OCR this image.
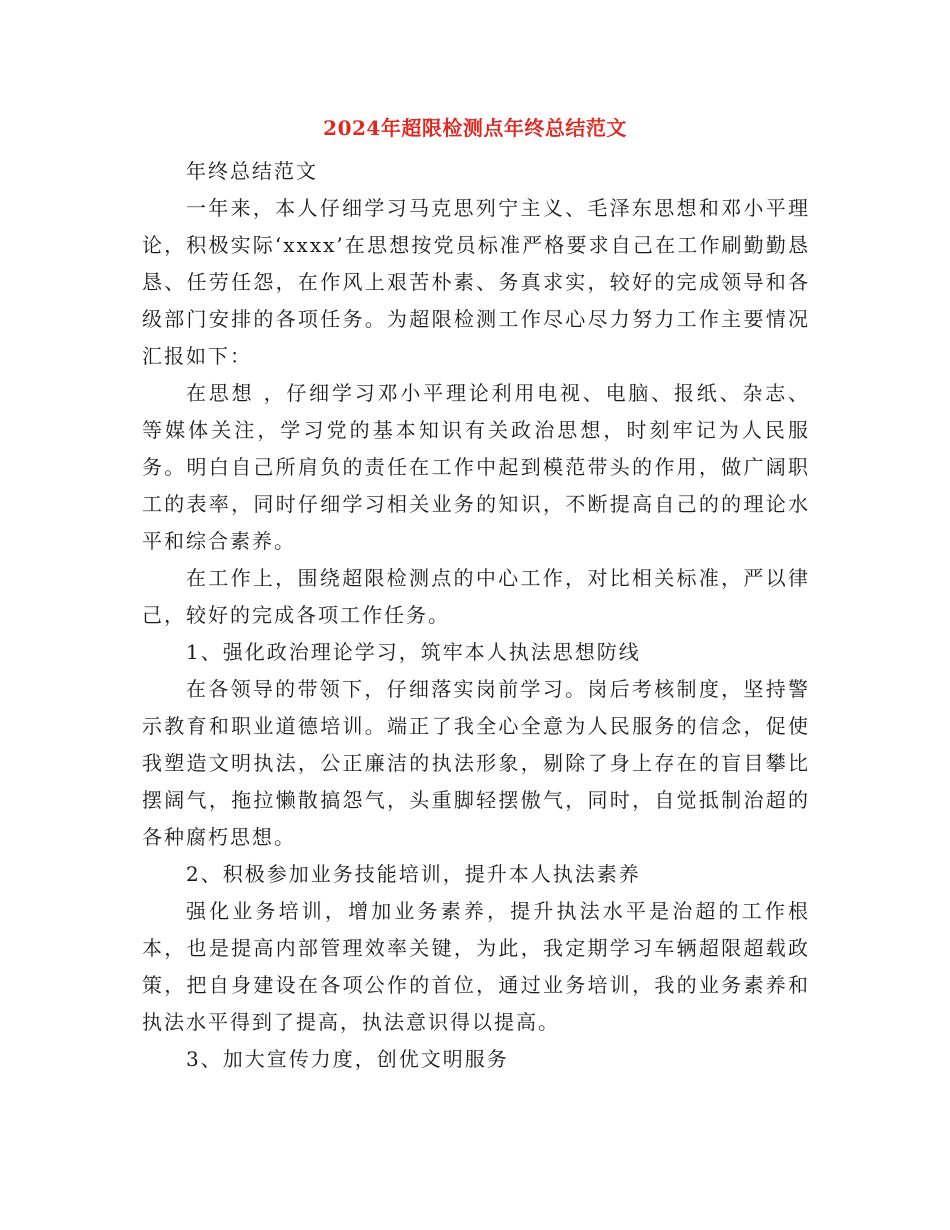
2024年超限检测点年终总结范文

年终总结范文

一年来，本人仔细学习马克思列宁主义、毛泽东思想和邓小平理论，积极实际‘xxxx’在思想按党员标准严格要求自己在工作刷勤勤恳恳、任劳任怨，在作风上艰苦朴素、务真求实，较好的完成领导和各级部门安排的各项任务。为超限检测工作尽心尽力努力工作主要情况汇报如下：

在思想 ，仔细学习邓小平理论利用电视、电脑、报纸、杂志、等媒体关注，学习党的基本知识有关政治思想，时刻牢记为人民服务。明白自己所肩负的责任在工作中起到模范带头的作用，做广阔职工的表率，同时仔细学习相关业务的知识，不断提高自己的的理论水平和综合素养。

在工作上，围绕超限检测点的中心工作，对比相关标准，严以律己，较好的完成各项工作任务。

1、强化政治理论学习，筑牢本人执法思想防线

在各领导的带领下，仔细落实岗前学习。岗后考核制度，坚持警示教育和职业道德培训。端正了我全心全意为人民服务的信念，促使我塑造文明执法，公正廉洁的执法形象，剔除了身上存在的盲目攀比摆阔气，拖拉懒散搞怨气，头重脚轻摆傲气，同时，自觉抵制治超的各种腐朽思想。

2、积极参加业务技能培训，提升本人执法素养

强化业务培训，增加业务素养，提升执法水平是治超的工作根本，也是提高内部管理效率关键，为此，我定期学习车辆超限超载政策，把自身建设在各项公作的首位，通过业务培训，我的业务素养和执法水平得到了提高，执法意识得以提高。

3、加大宣传力度，创优文明服务
